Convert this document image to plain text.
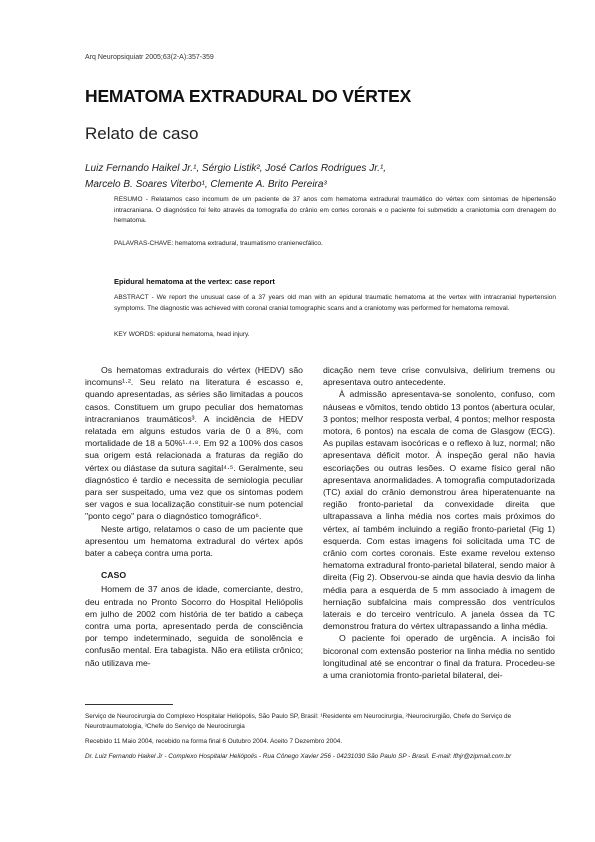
Arq Neuropsiquiatr 2005;63(2-A):357-359
HEMATOMA EXTRADURAL DO VÉRTEX
Relato de caso
Luiz Fernando Haikel Jr.¹, Sérgio Listik², José Carlos Rodrigues Jr.¹,
Marcelo B. Soares Viterbo¹, Clemente A. Brito Pereira³
RESUMO - Relatamos caso incomum de um paciente de 37 anos com hematoma extradural traumático do vértex com sintomas de hipertensão intracraniana. O diagnóstico foi feito através da tomografia do crânio em cortes coronais e o paciente foi submetido a craniotomia com drenagem do hematoma.
PALAVRAS-CHAVE: hematoma extradural, traumatismo cranienecfálico.
Epidural hematoma at the vertex: case report
ABSTRACT - We report the unusual case of a 37 years old man with an epidural traumatic hematoma at the vertex with intracranial hypertension symptoms. The diagnostic was achieved with coronal cranial tomographic scans and a craniotomy was performed for hematoma removal.
KEY WORDS: epidural hematoma, head injury.

Os hematomas extradurais do vértex (HEDV) são incomuns¹·². Seu relato na literatura é escasso e, quando apresentadas, as séries são limitadas a poucos casos. Constituem um grupo peculiar dos hematomas intracranianos traumáticos³. A incidência de HEDV relatada em alguns estudos varia de 0 a 8%, com mortalidade de 18 a 50%¹·⁴·⁸. Em 92 a 100% dos casos sua origem está relacionada a fraturas da região do vértex ou diástase da sutura sagital⁴·⁵. Geralmente, seu diagnóstico é tardio e necessita de semiologia peculiar para ser suspeitado, uma vez que os sintomas podem ser vagos e sua localização constituir-se num potencial "ponto cego" para o diagnóstico tomográfico⁶.

Neste artigo, relatamos o caso de um paciente que apresentou um hematoma extradural do vértex após bater a cabeça contra uma porta.

CASO

Homem de 37 anos de idade, comerciante, destro, deu entrada no Pronto Socorro do Hospital Heliópolis em julho de 2002 com história de ter batido a cabeça contra uma porta, apresentado perda de consciência por tempo indeterminado, seguida de sonolência e confusão mental. Era tabagista. Não era etilista crônico; não utilizava me-

dicação nem teve crise convulsiva, delirium tremens ou apresentava outro antecedente.

À admissão apresentava-se sonolento, confuso, com náuseas e vômitos, tendo obtido 13 pontos (abertura ocular, 3 pontos; melhor resposta verbal, 4 pontos; melhor resposta motora, 6 pontos) na escala de coma de Glasgow (ECG). As pupilas estavam isocóricas e o reflexo à luz, normal; não apresentava déficit motor. À inspeção geral não havia escoriações ou outras lesões. O exame físico geral não apresentava anormalidades. A tomografia computadorizada (TC) axial do crânio demonstrou área hiperatenuante na região fronto-parietal da convexidade direita que ultrapassava a linha média nos cortes mais próximos do vértex, aí também incluindo a região fronto-parietal (Fig 1) esquerda. Com estas imagens foi solicitada uma TC de crânio com cortes coronais. Este exame revelou extenso hematoma extradural fronto-parietal bilateral, sendo maior à direita (Fig 2). Observou-se ainda que havia desvio da linha média para a esquerda de 5 mm associado à imagem de herniação subfalcina mais compressão dos ventrículos laterais e do terceiro ventrículo. A janela óssea da TC demonstrou fratura do vértex ultrapassando a linha média.

O paciente foi operado de urgência. A incisão foi bicoronal com extensão posterior na linha média no sentido longitudinal até se encontrar o final da fratura. Procedeu-se a uma craniotomia fronto-parietal bilateral, dei-

Serviço de Neurocirurgia do Complexo Hospitalar Heliópolis, São Paulo SP, Brasil: ¹Residente em Neurocirurgia, ²Neurocirurgião, Chefe do Serviço de Neurotraumatologia, ³Chefe do Serviço de Neurocirurgia
Recebido 11 Maio 2004, recebido na forma final 6 Outubro 2004. Aceito 7 Dezembro 2004.
Dr. Luiz Fernando Haikel Jr - Complexo Hospitalar Heliópolis - Rua Cônego Xavier 256 - 04231030 São Paulo SP - Brasil. E-mail: lfhjr@zipmail.com.br
